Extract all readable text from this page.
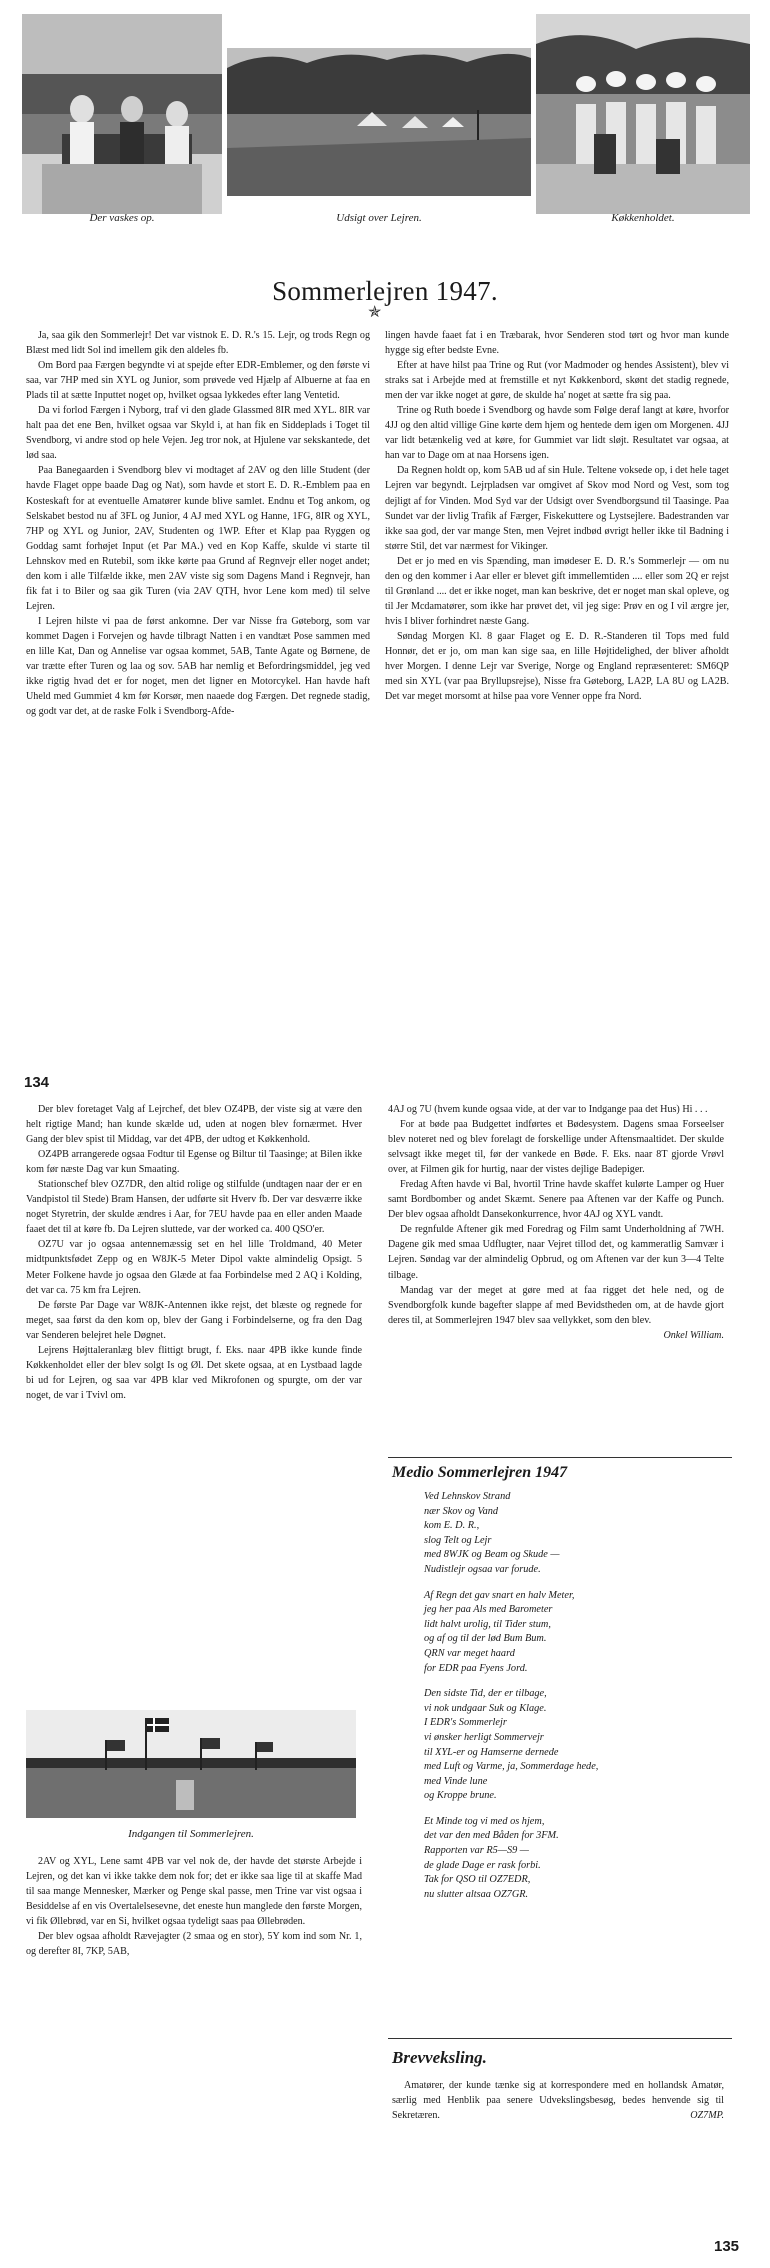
Der vaskes op.	Udsigt over Lejren.	Køkkenholdet.
Sommerlejren 1947.
✯

Ja, saa gik den Sommerlejr! Det var vistnok E. D. R.'s 15. Lejr, og trods Regn og Blæst med lidt Sol ind imellem gik den aldeles fb.

Om Bord paa Færgen begyndte vi at spejde efter EDR-Emblemer, og den første vi saa, var 7HP med sin XYL og Junior, som prøvede ved Hjælp af Albuerne at faa en Plads til at sætte Inputtet noget op, hvilket ogsaa lykkedes efter lang Ventetid.

Da vi forlod Færgen i Nyborg, traf vi den glade Glassmed 8IR med XYL. 8IR var halt paa det ene Ben, hvilket ogsaa var Skyld i, at han fik en Siddeplads i Toget til Svendborg, vi andre stod op hele Vejen. Jeg tror nok, at Hjulene var sekskantede, det lød saa.

Paa Banegaarden i Svendborg blev vi modtaget af 2AV og den lille Student (der havde Flaget oppe baade Dag og Nat), som havde et stort E. D. R.-Emblem paa en Kosteskaft for at eventuelle Amatører kunde blive samlet. Endnu et Tog ankom, og Selskabet bestod nu af 3FL og Junior, 4 AJ med XYL og Hanne, 1FG, 8IR og XYL, 7HP og XYL og Junior, 2AV, Studenten og 1WP. Efter et Klap paa Ryggen og Goddag samt forhøjet Input (et Par MA.) ved en Kop Kaffe, skulde vi starte til Lehnskov med en Rutebil, som ikke kørte paa Grund af Regnvejr eller noget andet; den kom i alle Tilfælde ikke, men 2AV viste sig som Dagens Mand i Regnvejr, han fik fat i to Biler og saa gik Turen (via 2AV QTH, hvor Lene kom med) til selve Lejren.

I Lejren hilste vi paa de først ankomne. Der var Nisse fra Gøteborg, som var kommet Dagen i Forvejen og havde tilbragt Natten i en vandtæt Pose sammen med en lille Kat, Dan og Annelise var ogsaa kommet, 5AB, Tante Agate og Børnene, de var trætte efter Turen og laa og sov. 5AB har nemlig et Befordringsmiddel, jeg ved ikke rigtig hvad det er for noget, men det ligner en Motorcykel. Han havde haft Uheld med Gummiet 4 km før Korsør, men naaede dog Færgen. Det regnede stadig, og godt var det, at de raske Folk i Svendborg-Afde-

lingen havde faaet fat i en Træbarak, hvor Senderen stod tørt og hvor man kunde hygge sig efter bedste Evne.

Efter at have hilst paa Trine og Rut (vor Madmoder og hendes Assistent), blev vi straks sat i Arbejde med at fremstille et nyt Køkkenbord, skønt det stadig regnede, men der var ikke noget at gøre, de skulde ha' noget at sætte fra sig paa.

Trine og Ruth boede i Svendborg og havde som Følge deraf langt at køre, hvorfor 4JJ og den altid villige Gine kørte dem hjem og hentede dem igen om Morgenen. 4JJ var lidt betænkelig ved at køre, for Gummiet var lidt sløjt. Resultatet var ogsaa, at han var to Dage om at naa Horsens igen.

Da Regnen holdt op, kom 5AB ud af sin Hule. Teltene voksede op, i det hele taget Lejren var begyndt. Lejrpladsen var omgivet af Skov mod Nord og Vest, som tog dejligt af for Vinden. Mod Syd var der Udsigt over Svendborgsund til Taasinge. Paa Sundet var der livlig Trafik af Færger, Fiskekuttere og Lystsejlere. Badestranden var ikke saa god, der var mange Sten, men Vejret indbød øvrigt heller ikke til Badning i større Stil, det var nærmest for Vikinger.

Det er jo med en vis Spænding, man imødeser E. D. R.'s Sommerlejr — om nu den og den kommer i Aar eller er blevet gift immellemtiden .... eller som 2Q er rejst til Grønland .... det er ikke noget, man kan beskrive, det er noget man skal opleve, og til Jer Mcdamatører, som ikke har prøvet det, vil jeg sige: Prøv en og I vil ærgre jer, hvis I bliver forhindret næste Gang.

Søndag Morgen Kl. 8 gaar Flaget og E. D. R.-Standeren til Tops med fuld Honnør, det er jo, om man kan sige saa, en lille Højtidelighed, der bliver afholdt hver Morgen. I denne Lejr var Sverige, Norge og England repræsenteret: SM6QP med sin XYL (var paa Bryllupsrejse), Nisse fra Gøteborg, LA2P, LA 8U og LA2B. Det var meget morsomt at hilse paa vore Venner oppe fra Nord.

134

Der blev foretaget Valg af Lejrchef, det blev OZ4PB, der viste sig at være den helt rigtige Mand; han kunde skælde ud, uden at nogen blev fornærmet. Hver Gang der blev spist til Middag, var det 4PB, der udtog et Køkkenhold.

OZ4PB arrangerede ogsaa Fodtur til Egense og Biltur til Taasinge; at Bilen ikke kom før næste Dag var kun Smaating.

Stationschef blev OZ7DR, den altid rolige og stilfulde (undtagen naar der er en Vandpistol til Stede) Bram Hansen, der udførte sit Hverv fb. Der var desværre ikke noget Styretrin, der skulde ændres i Aar, for 7EU havde paa en eller anden Maade faaet det til at køre fb. Da Lejren sluttede, var der worked ca. 400 QSO'er.

OZ7U var jo ogsaa antennemæssig set en hel lille Troldmand, 40 Meter midtpunktsfødet Zepp og en W8JK-5 Meter Dipol vakte almindelig Opsigt. 5 Meter Folkene havde jo ogsaa den Glæde at faa Forbindelse med 2 AQ i Kolding, det var ca. 75 km fra Lejren.

De første Par Dage var W8JK-Antennen ikke rejst, det blæste og regnede for meget, saa først da den kom op, blev der Gang i Forbindelserne, og fra den Dag var Senderen belejret hele Døgnet.

Lejrens Højttaleranlæg blev flittigt brugt, f. Eks. naar 4PB ikke kunde finde Køkkenholdet eller der blev solgt Is og Øl. Det skete ogsaa, at en Lystbaad lagde bi ud for Lejren, og saa var 4PB klar ved Mikrofonen og spurgte, om der var noget, de var i Tvivl om.

Indgangen til Sommerlejren.

2AV og XYL, Lene samt 4PB var vel nok de, der havde det største Arbejde i Lejren, og det kan vi ikke takke dem nok for; det er ikke saa lige til at skaffe Mad til saa mange Mennesker, Mærker og Penge skal passe, men Trine var vist ogsaa i Besiddelse af en vis Overtalelsesevne, det eneste hun manglede den første Morgen, vi fik Øllebrød, var en Si, hvilket ogsaa tydeligt saas paa Øllebrøden.

Der blev ogsaa afholdt Rævejagter (2 smaa og en stor), 5Y kom ind som Nr. 1, og derefter 8I, 7KP, 5AB,

4AJ og 7U (hvem kunde ogsaa vide, at der var to Indgange paa det Hus) Hi . . .

For at bøde paa Budgettet indførtes et Bødesystem. Dagens smaa Forseelser blev noteret ned og blev forelagt de forskellige under Aftensmaaltidet. Der skulde selvsagt ikke meget til, før der vankede en Bøde. F. Eks. naar 8T gjorde Vrøvl over, at Filmen gik for hurtig, naar der vistes dejlige Badepiger.

Fredag Aften havde vi Bal, hvortil Trine havde skaffet kulørte Lamper og Huer samt Bordbomber og andet Skæmt. Senere paa Aftenen var der Kaffe og Punch. Der blev ogsaa afholdt Dansekonkurrence, hvor 4AJ og XYL vandt.

De regnfulde Aftener gik med Foredrag og Film samt Underholdning af 7WH. Dagene gik med smaa Udflugter, naar Vejret tillod det, og kammeratlig Samvær i Lejren. Søndag var der almindelig Opbrud, og om Aftenen var der kun 3—4 Telte tilbage.

Mandag var der meget at gøre med at faa rigget det hele ned, og de Svendborgfolk kunde bagefter slappe af med Bevidstheden om, at de havde gjort deres til, at Sommerlejren 1947 blev saa vellykket, som den blev.

Onkel William.
Medio Sommerlejren 1947
Ved Lehnskov Strand
nær Skov og Vand
kom E. D. R.,
slog Telt og Lejr
med 8WJK og Beam og Skude —
Nudistlejr ogsaa var forude.
Af Regn det gav snart en halv Meter,
jeg her paa Als med Barometer
lidt halvt urolig, til Tider stum,
og af og til der lød Bum Bum.
QRN var meget haard
for EDR paa Fyens Jord.
Den sidste Tid, der er tilbage,
vi nok undgaar Suk og Klage.
I EDR's Sommerlejr
vi ønsker herligt Sommervejr
til XYL-er og Hamserne dernede
med Luft og Varme, ja, Sommerdage hede,
med Vinde lune
og Kroppe brune.
Et Minde tog vi med os hjem,
det var den med Båden for 3FM.
Rapporten var R5—S9 —
de glade Dage er rask forbi.
Tak for QSO til OZ7EDR,
nu slutter altsaa OZ7GR.
Brevveksling.

Amatører, der kunde tænke sig at korrespondere med en hollandsk Amatør, særlig med Henblik paa senere Udvekslingsbesøg, bedes henvende sig til Sekretæren.	OZ7MP.
135
